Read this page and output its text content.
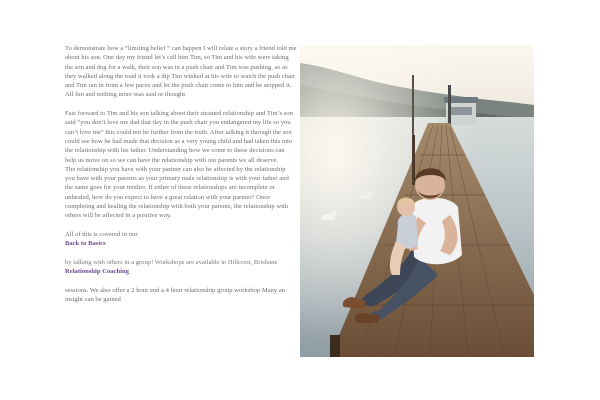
To demonstrate how a “limiting belief “ can happen I will relate a story a friend told me about his son. One day my friend let’s call him Tim, so Tim and his wife were taking the son and dog for a walk, their son was in a push chair and Tim was pushing, so as they walked along the road it took a dip Tim winked at his wife to watch the push chair and Tim ran in front a few paces and let the push chair come to him and he stopped it. All fun and nothing more was said or thought.

Fast forward to Tim and his son talking about their strained relationship and Tim’s son said “you don’t love me dad that day in the push chair you endangered my life so you can’t love me” this could not be further from the truth. After talking it through the son could see how he had made that decision as a very young child and had taken this into the relationship with his father. Understanding how we come to these decisions can help us move on so we can have the relationship with our parents we all deserve.

The relationship you have with your partner can also be affected by the relationship you have with your parents as your primary male relationship is with your father and the same goes for your mother. If either of these relationships are incomplete or unhealed, how do you expect to have a great relation with your partner? Once completing and healing the relationship with both your parents, the relationship with others will be affected in a positive way.

All of this is covered in our

Back to Basics
by talking with others in a group! Workshops are available in Hillcrest, Brisbane
Relationship Coaching

sessions. We also offer a 2 hour and a 4 hour relationship group workshop Many an insight can be gained
